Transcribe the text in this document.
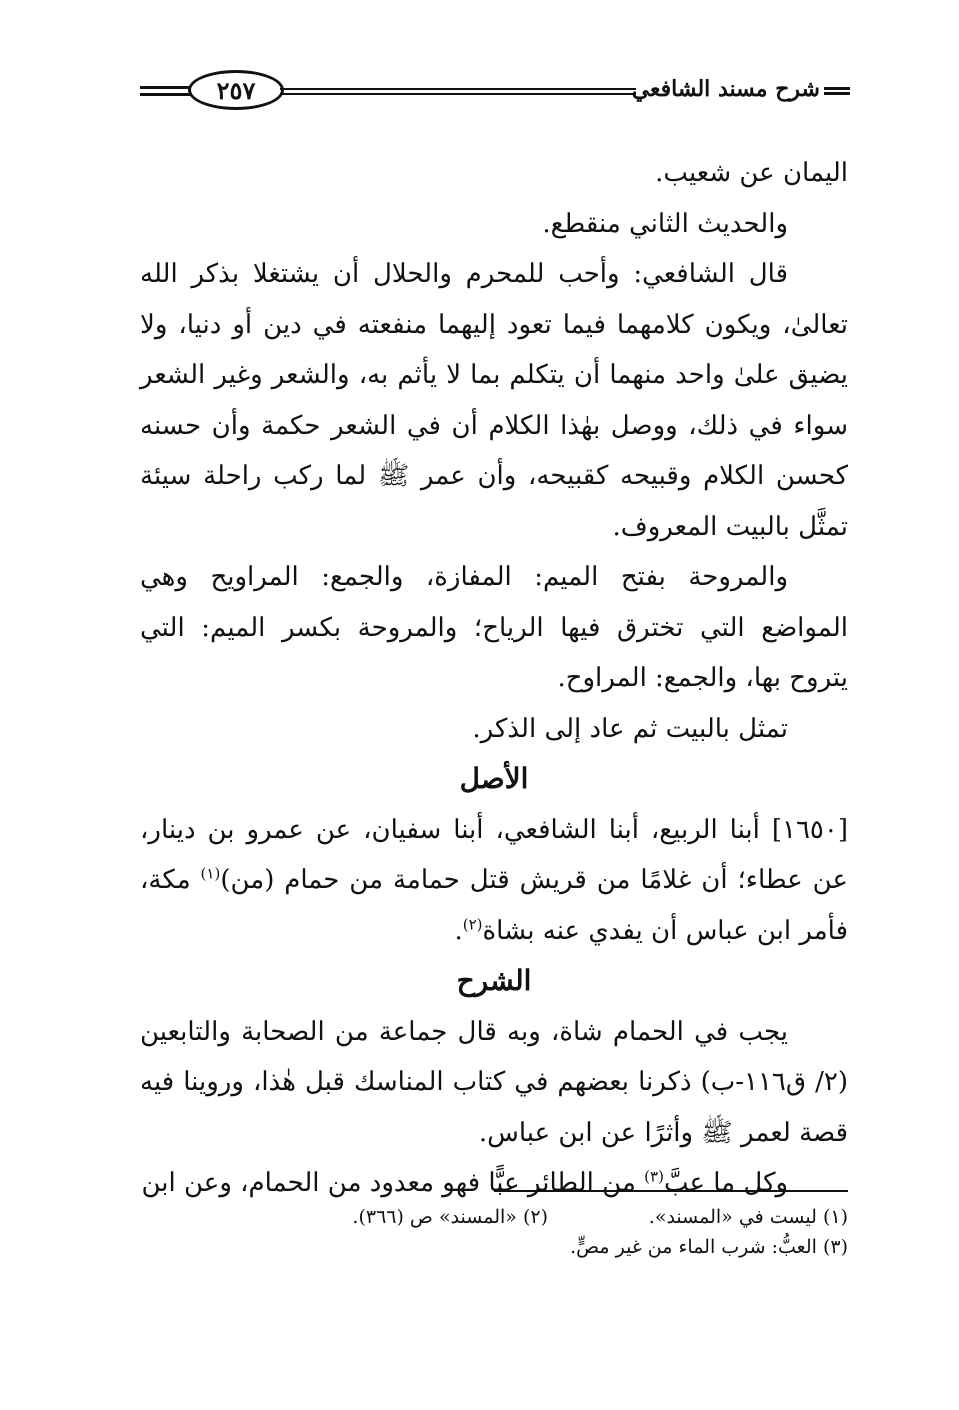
٢٥٧	شرح مسند الشافعي

اليمان عن شعيب.

والحديث الثاني منقطع.

قال الشافعي: وأحب للمحرم والحلال أن يشتغلا بذكر الله تعالىٰ، ويكون كلامهما فيما تعود إليهما منفعته في دين أو دنيا، ولا يضيق علىٰ واحد منهما أن يتكلم بما لا يأثم به، والشعر وغير الشعر سواء في ذلك، ووصل بهٰذا الكلام أن في الشعر حكمة وأن حسنه كحسن الكلام وقبيحه كقبيحه، وأن عمر ﷺ لما ركب راحلة سيئة تمثَّل بالبيت المعروف.

والمروحة بفتح الميم: المفازة، والجمع: المراويح وهي المواضع التي تخترق فيها الرياح؛ والمروحة بكسر الميم: التي يتروح بها، والجمع: المراوح.

تمثل بالبيت ثم عاد إلى الذكر.

الأصل

[١٦٥٠] أبنا الربيع، أبنا الشافعي، أبنا سفيان، عن عمرو بن دينار، عن عطاء؛ أن غلامًا من قريش قتل حمامة من حمام (من)$^{(١)}$ مكة، فأمر ابن عباس أن يفدي عنه بشاة$^{(٢)}$.

الشرح

يجب في الحمام شاة، وبه قال جماعة من الصحابة والتابعين (٢/ ق١١٦-ب) ذكرنا بعضهم في كتاب المناسك قبل هٰذا، وروينا فيه قصة لعمر ﷺ وأثرًا عن ابن عباس.

وكل ما عبَّ$^{(٣)}$ من الطائر عبًّا فهو معدود من الحمام، وعن ابن

(١) ليست في «المسند».
(٢) «المسند» ص (٣٦٦).
(٣) العبُّ: شرب الماء من غير مصٍّ.
